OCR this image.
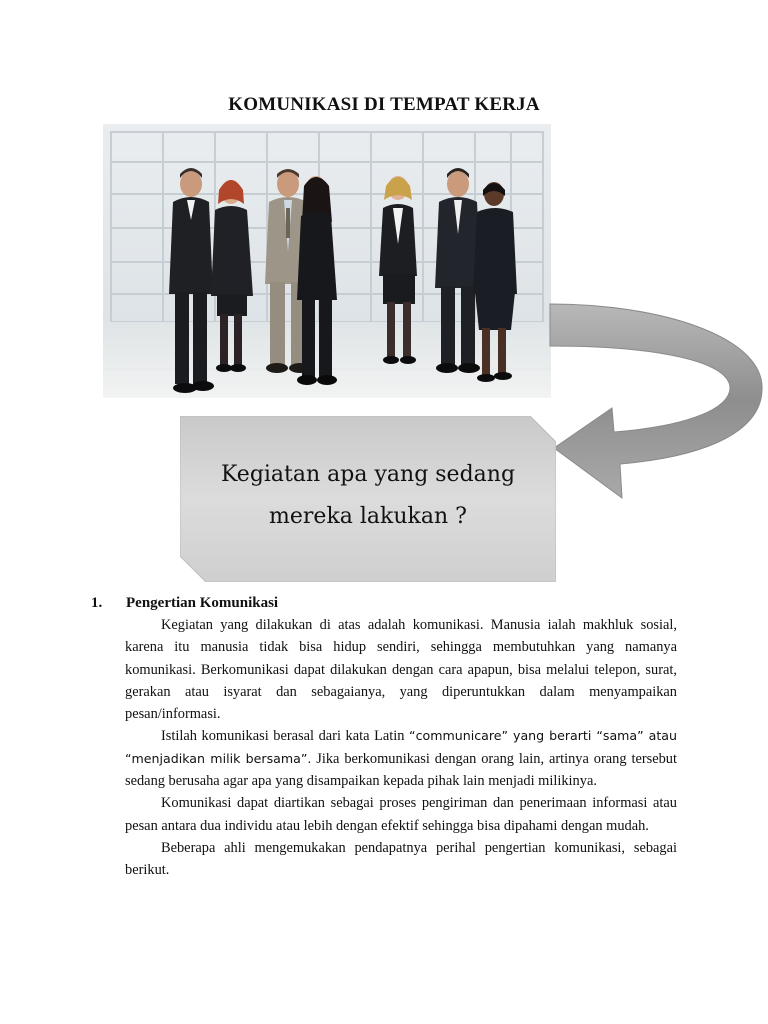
KOMUNIKASI DI TEMPAT KERJA
Kegiatan apa yang sedang
mereka lakukan ?
1. Pengertian Komunikasi

Kegiatan yang dilakukan di atas adalah komunikasi. Manusia ialah makhluk sosial, karena itu manusia tidak bisa hidup sendiri, sehingga membutuhkan yang namanya komunikasi. Berkomunikasi dapat dilakukan dengan cara apapun, bisa melalui telepon, surat, gerakan atau isyarat dan sebagaianya, yang diperuntukkan dalam menyampaikan pesan/informasi.

Istilah komunikasi berasal dari kata Latin “communicare” yang berarti “sama” atau “menjadikan milik bersama”. Jika berkomunikasi dengan orang lain, artinya orang tersebut sedang berusaha agar apa yang disampaikan kepada pihak lain menjadi milikinya.

Komunikasi dapat diartikan sebagai proses pengiriman dan penerimaan informasi atau pesan antara dua individu atau lebih dengan efektif sehingga bisa dipahami dengan mudah.

Beberapa ahli mengemukakan pendapatnya perihal pengertian komunikasi, sebagai berikut.
